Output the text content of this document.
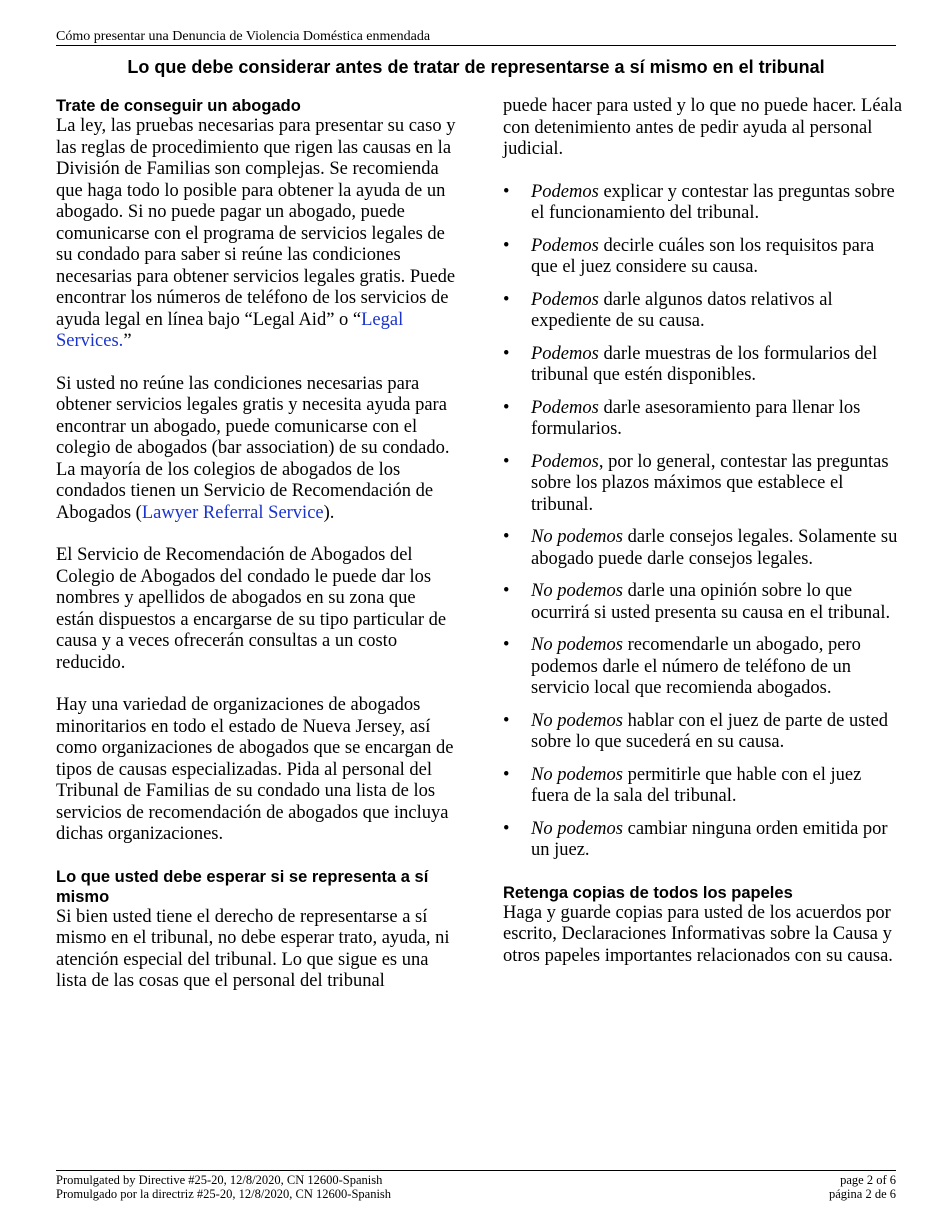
Cómo presentar una Denuncia de Violencia Doméstica enmendada
Lo que debe considerar antes de tratar de representarse a sí mismo en el tribunal
Trate de conseguir un abogado

La ley, las pruebas necesarias para presentar su caso y las reglas de procedimiento que rigen las causas en la División de Familias son complejas. Se recomienda que haga todo lo posible para obtener la ayuda de un abogado. Si no puede pagar un abogado, puede comunicarse con el programa de servicios legales de su condado para saber si reúne las condiciones necesarias para obtener servicios legales gratis. Puede encontrar los números de teléfono de los servicios de ayuda legal en línea bajo “Legal Aid” o “Legal Services.”

Si usted no reúne las condiciones necesarias para obtener servicios legales gratis y necesita ayuda para encontrar un abogado, puede comunicarse con el colegio de abogados (bar association) de su condado. La mayoría de los colegios de abogados de los condados tienen un Servicio de Recomendación de Abogados (Lawyer Referral Service).

El Servicio de Recomendación de Abogados del Colegio de Abogados del condado le puede dar los nombres y apellidos de abogados en su zona que están dispuestos a encargarse de su tipo particular de causa y a veces ofrecerán consultas a un costo reducido.

Hay una variedad de organizaciones de abogados minoritarios en todo el estado de Nueva Jersey, así como organizaciones de abogados que se encargan de tipos de causas especializadas. Pida al personal del Tribunal de Familias de su condado una lista de los servicios de recomendación de abogados que incluya dichas organizaciones.

Lo que usted debe esperar si se representa a sí mismo

Si bien usted tiene el derecho de representarse a sí mismo en el tribunal, no debe esperar trato, ayuda, ni atención especial del tribunal. Lo que sigue es una lista de las cosas que el personal del tribunal

puede hacer para usted y lo que no puede hacer. Léala con detenimiento antes de pedir ayuda al personal judicial.

• Podemos explicar y contestar las preguntas sobre el funcionamiento del tribunal.
• Podemos decirle cuáles son los requisitos para que el juez considere su causa.
• Podemos darle algunos datos relativos al expediente de su causa.
• Podemos darle muestras de los formularios del tribunal que estén disponibles.
• Podemos darle asesoramiento para llenar los formularios.
• Podemos, por lo general, contestar las preguntas sobre los plazos máximos que establece el tribunal.
• No podemos darle consejos legales. Solamente su abogado puede darle consejos legales.
• No podemos darle una opinión sobre lo que ocurrirá si usted presenta su causa en el tribunal.
• No podemos recomendarle un abogado, pero podemos darle el número de teléfono de un servicio local que recomienda abogados.
• No podemos hablar con el juez de parte de usted sobre lo que sucederá en su causa.
• No podemos permitirle que hable con el juez fuera de la sala del tribunal.
• No podemos cambiar ninguna orden emitida por un juez.
Retenga copias de todos los papeles

Haga y guarde copias para usted de los acuerdos por escrito, Declaraciones Informativas sobre la Causa y otros papeles importantes relacionados con su causa.

Promulgated by Directive #25-20, 12/8/2020, CN 12600-Spanish	page 2 of 6
Promulgado por la directriz #25-20, 12/8/2020, CN 12600-Spanish	página 2 de 6
